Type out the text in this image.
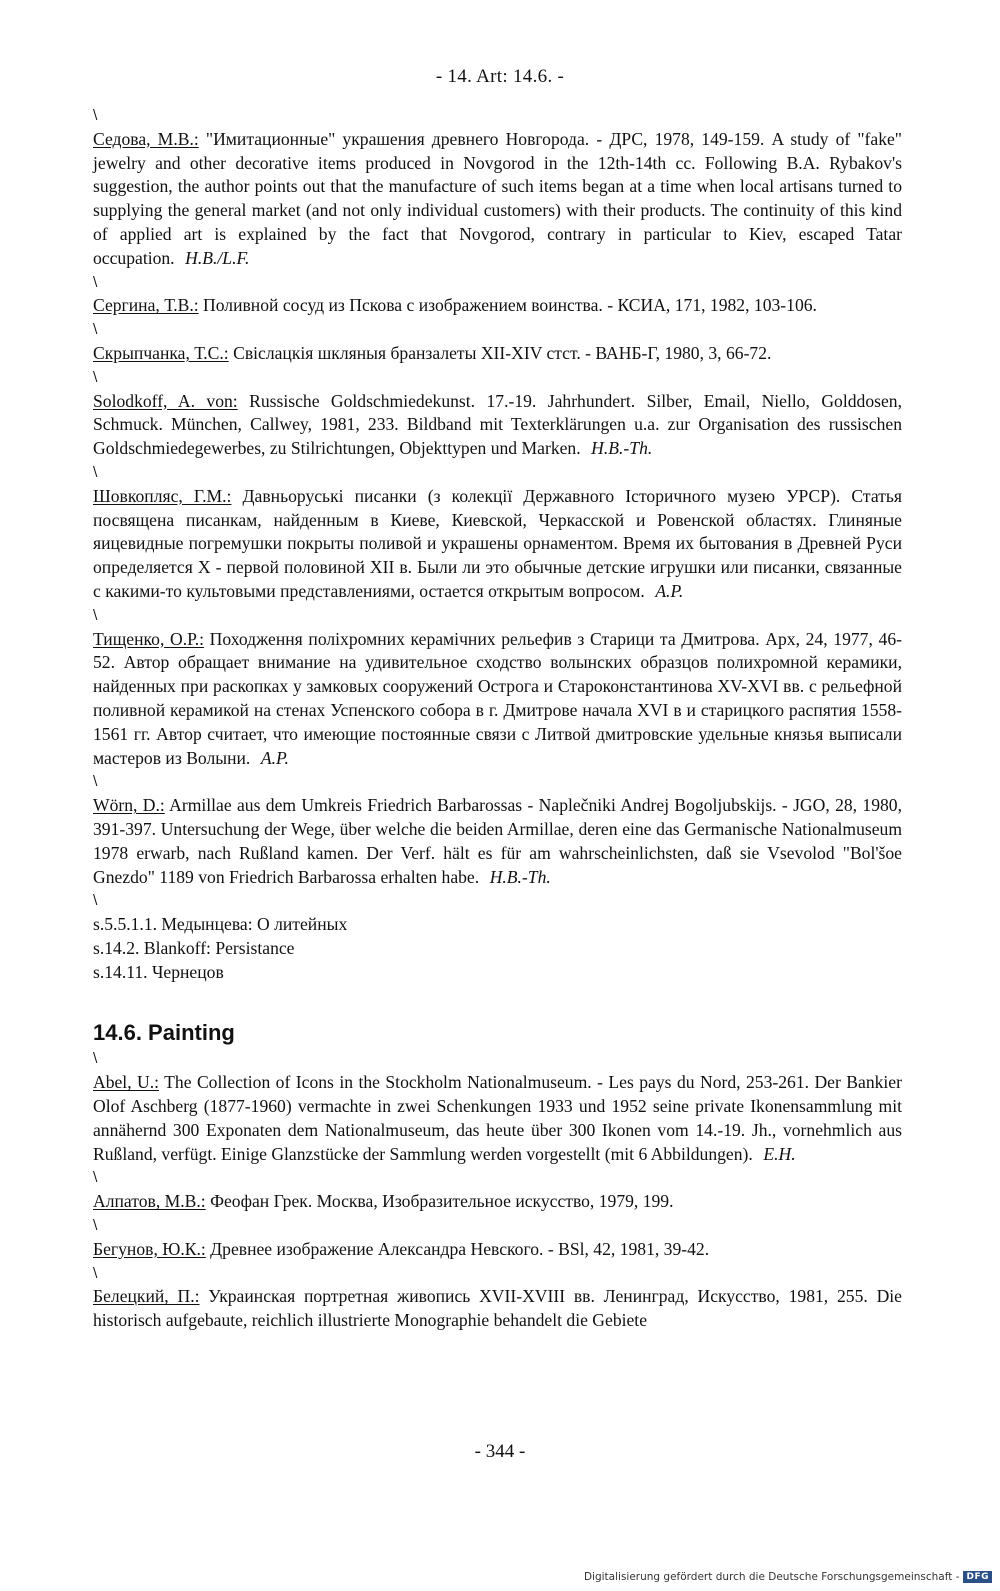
- 14. Art: 14.6. -
\

Седова, М.В.: "Имитационные" украшения древнего Новгорода. - ДРС, 1978, 149-159. A study of "fake" jewelry and other decorative items produced in Novgorod in the 12th-14th cc. Following B.A. Rybakov's suggestion, the author points out that the manufacture of such items began at a time when local artisans turned to supplying the general market (and not only individual customers) with their products. The continuity of this kind of applied art is explained by the fact that Novgorod, contrary in particular to Kiev, escaped Tatar occupation. H.B./L.F.

\

Сергина, Т.В.: Поливной сосуд из Пскова с изображением воинства. - КСИА, 171, 1982, 103-106.

\

Скрыпчанка, Т.С.: Свіслацкія шкляныя бранзалеты XII-XIV стст. - ВАНБ-Г, 1980, 3, 66-72.

\

Solodkoff, A. von: Russische Goldschmiedekunst. 17.-19. Jahrhundert. Silber, Email, Niello, Golddosen, Schmuck. München, Callwey, 1981, 233. Bildband mit Texterklärungen u.a. zur Organisation des russischen Goldschmiedegewerbes, zu Stilrichtungen, Objekttypen und Marken. H.B.-Th.

\

Шовкопляс, Г.М.: Давньоруські писанки (з колекції Державного Історичного музею УРСР). Статья посвящена писанкам, найденным в Киеве, Киевской, Черкасской и Ровенской областях. Глиняные яицевидные погремушки покрыты поливой и украшены орнаментом. Время их бытования в Древней Руси определяется X - первой половиной XII в. Были ли это обычные детские игрушки или писанки, связанные с какими-то культовыми представлениями, остается открытым вопросом. A.P.

\

Тищенко, О.Р.: Походження поліхромних керамічних рельефив з Старици та Дмитрова. Арх, 24, 1977, 46-52. Автор обращает внимание на удивительное сходство волынских образцов полихромной керамики, найденных при раскопках у замковых сооружений Острога и Староконстантинова XV-XVI вв. с рельефной поливной керамикой на стенах Успенского собора в г. Дмитрове начала XVI в и старицкого распятия 1558-1561 гг. Автор считает, что имеющие постоянные связи с Литвой дмитровские удельные князья выписали мастеров из Волыни. A.P.

\

Wörn, D.: Armillae aus dem Umkreis Friedrich Barbarossas - Naplečniki Andrej Bogoljubskijs. - JGO, 28, 1980, 391-397. Untersuchung der Wege, über welche die beiden Armillae, deren eine das Germanische Nationalmuseum 1978 erwarb, nach Rußland kamen. Der Verf. hält es für am wahrscheinlichsten, daß sie Vsevolod "Bol'šoe Gnezdo" 1189 von Friedrich Barbarossa erhalten habe. H.B.-Th.

\
s.5.5.1.1. Медынцева: О литейных
s.14.2. Blankoff: Persistance
s.14.11. Чернецов
14.6. Painting
\

Abel, U.: The Collection of Icons in the Stockholm Nationalmuseum. - Les pays du Nord, 253-261. Der Bankier Olof Aschberg (1877-1960) vermachte in zwei Schenkungen 1933 und 1952 seine private Ikonensammlung mit annähernd 300 Exponaten dem Nationalmuseum, das heute über 300 Ikonen vom 14.-19. Jh., vornehmlich aus Rußland, verfügt. Einige Glanzstücke der Sammlung werden vorgestellt (mit 6 Abbildungen). E.H.

\

Алпатов, М.В.: Феофан Грек. Москва, Изобразительное искусство, 1979, 199.

\

Бегунов, Ю.К.: Древнее изображение Александра Невского. - BSl, 42, 1981, 39-42.

\

Белецкий, П.: Украинская портретная живопись XVII-XVIII вв. Ленинград, Искусство, 1981, 255. Die historisch aufgebaute, reichlich illustrierte Monographie behandelt die Gebiete

- 344 -
Digitalisierung gefördert durch die Deutsche Forschungsgemeinschaft - DFG
